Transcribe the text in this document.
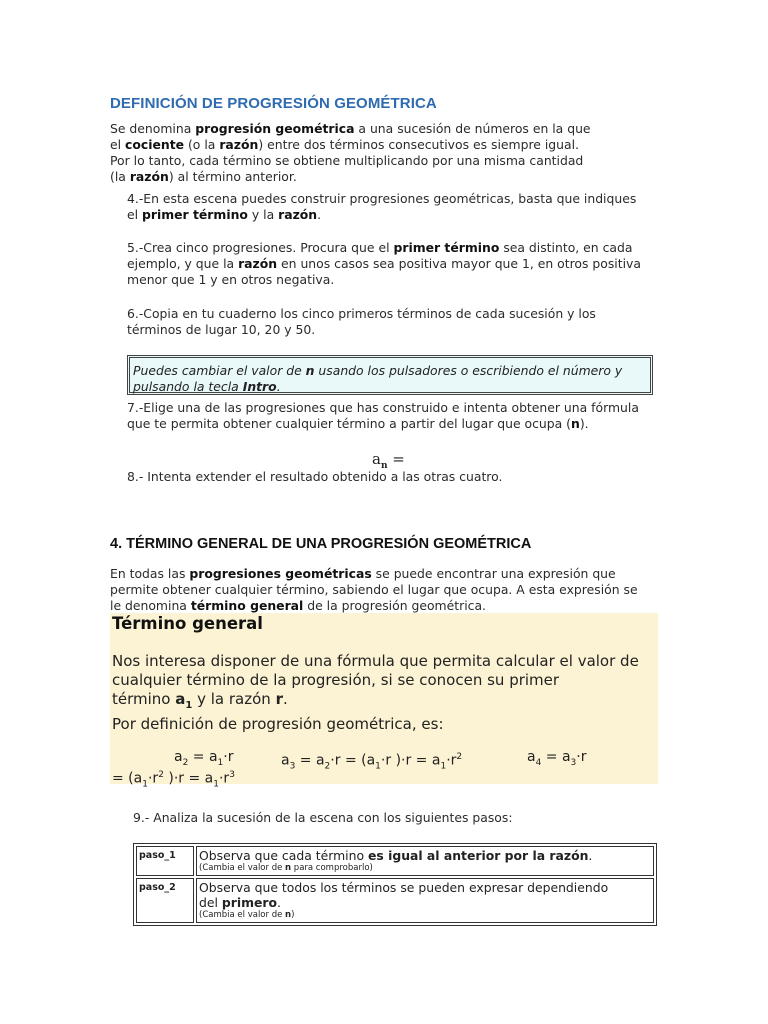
DEFINICIÓN DE PROGRESIÓN GEOMÉTRICA
Se denomina progresión geométrica a una sucesión de números en la que
el cociente (o la razón) entre dos términos consecutivos es siempre igual.
Por lo tanto, cada término se obtiene multiplicando por una misma cantidad
(la razón) al término anterior.
4.-En esta escena puedes construir progresiones geométricas, basta que indiques
el primer término y la razón.
5.-Crea cinco progresiones. Procura que el primer término sea distinto, en cada
ejemplo, y que la razón en unos casos sea positiva mayor que 1, en otros positiva
menor que 1 y en otros negativa.
6.-Copia en tu cuaderno los cinco primeros términos de cada sucesión y los
términos de lugar 10, 20 y 50.
Puedes cambiar el valor de n usando los pulsadores o escribiendo el número y
pulsando la tecla Intro.
7.-Elige una de las progresiones que has construido e intenta obtener una fórmula
que te permita obtener cualquier término a partir del lugar que ocupa (n).
$a_n$ =
8.- Intenta extender el resultado obtenido a las otras cuatro.
4. TÉRMINO GENERAL DE UNA PROGRESIÓN GEOMÉTRICA
En todas las progresiones geométricas se puede encontrar una expresión que
permite obtener cualquier término, sabiendo el lugar que ocupa. A esta expresión se
le denomina término general de la progresión geométrica.
Término general
Nos interesa disponer de una fórmula que permita calcular el valor de
cualquier término de la progresión, si se conocen su primer
término $a_1$ y la razón r.
Por definición de progresión geométrica, es:
$a_2 = a_1\cdot r$	$a_3 = a_2\cdot r = (a_1\cdot r$ )$\cdot r = a_1\cdot r^2$	$a_4 = a_3\cdot r$
= ($a_1\cdot r^2$ )$\cdot r = a_1\cdot r^3$
9.- Analiza la sucesión de la escena con los siguientes pasos:
paso_1	Observa que cada término es igual al anterior por la razón.
(Cambia el valor de n para comprobarlo)

paso_2	Observa que todos los términos se pueden expresar dependiendo
del primero.
(Cambia el valor de n)
